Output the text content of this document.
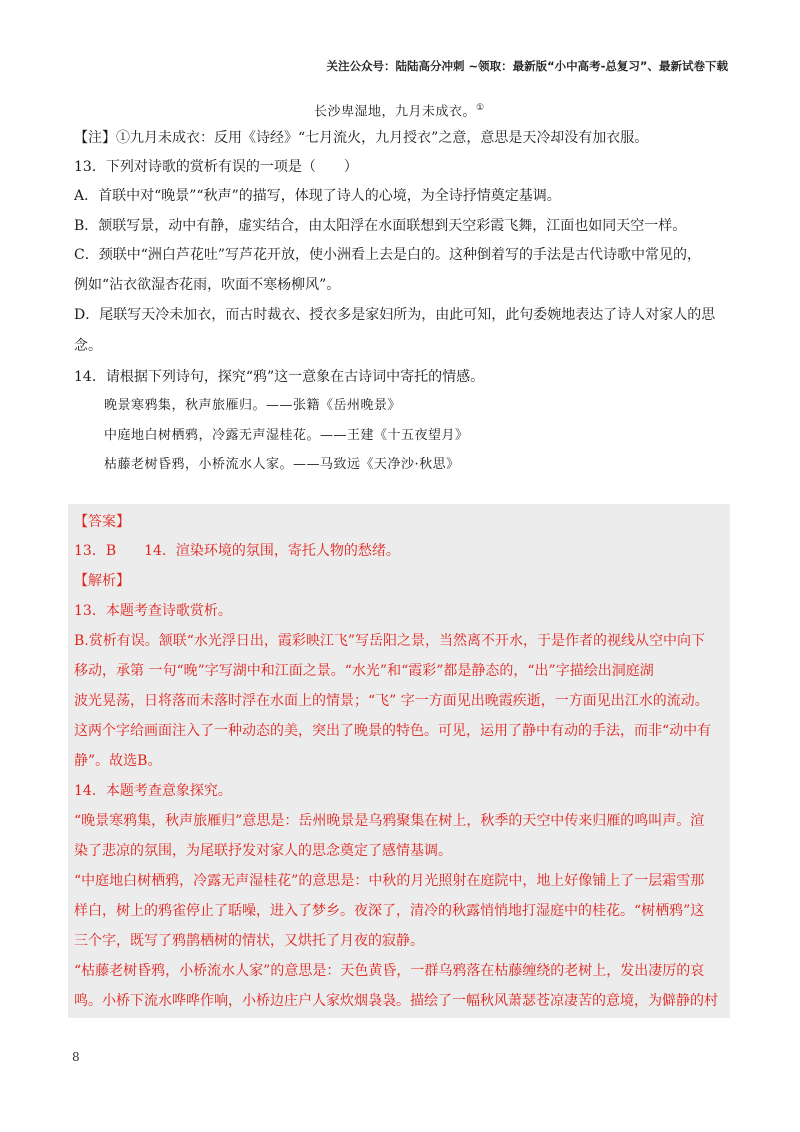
关注公众号：陆陆高分冲刺 ~领取：最新版“小中高考-总复习”、最新试卷下载
长沙卑湿地，九月未成衣。①
【注】①九月未成衣：反用《诗经》“七月流火，九月授衣”之意，意思是天冷却没有加衣服。
13．下列对诗歌的赏析有误的一项是（　　）
A．首联中对“晚景”“秋声”的描写，体现了诗人的心境，为全诗抒情奠定基调。
B．颔联写景，动中有静，虚实结合，由太阳浮在水面联想到天空彩霞飞舞，江面也如同天空一样。
C．颈联中“洲白芦花吐”写芦花开放，使小洲看上去是白的。这种倒着写的手法是古代诗歌中常见的，
例如“沾衣欲湿杏花雨，吹面不寒杨柳风”。
D．尾联写天冷未加衣，而古时裁衣、授衣多是家妇所为，由此可知，此句委婉地表达了诗人对家人的思
念。
14．请根据下列诗句，探究“鸦”这一意象在古诗词中寄托的情感。
晚景寒鸦集，秋声旅雁归。——张籍《岳州晚景》
中庭地白树栖鸦，冷露无声湿桂花。——王建《十五夜望月》
枯藤老树昏鸦，小桥流水人家。——马致远《天净沙·秋思》
【答案】
13．B　　14．渲染环境的氛围，寄托人物的愁绪。
【解析】
13．本题考查诗歌赏析。
B.赏析有误。颔联“水光浮日出，霞彩映江飞”写岳阳之景，当然离不开水，于是作者的视线从空中向下
移动，承第 一句“晚”字写湖中和江面之景。“水光”和“霞彩”都是静态的，“出”字描绘出洞庭湖
波光晃荡，日将落而未落时浮在水面上的情景；“飞” 字一方面见出晚霞疾逝，一方面见出江水的流动。
这两个字给画面注入了一种动态的美，突出了晚景的特色。可见，运用了静中有动的手法，而非“动中有
静”。故选B。
14．本题考查意象探究。
“晚景寒鸦集，秋声旅雁归”意思是：岳州晚景是乌鸦聚集在树上，秋季的天空中传来归雁的鸣叫声。渲
染了悲凉的氛围，为尾联抒发对家人的思念奠定了感情基调。
“中庭地白树栖鸦，冷露无声湿桂花”的意思是：中秋的月光照射在庭院中，地上好像铺上了一层霜雪那
样白，树上的鸦雀停止了聒噪，进入了梦乡。夜深了，清冷的秋露悄悄地打湿庭中的桂花。“树栖鸦”这
三个字，既写了鸦鹊栖树的情状，又烘托了月夜的寂静。
“枯藤老树昏鸦，小桥流水人家”的意思是：天色黄昏，一群乌鸦落在枯藤缠绕的老树上，发出凄厉的哀
鸣。小桥下流水哗哗作响，小桥边庄户人家炊烟袅袅。描绘了一幅秋风萧瑟苍凉凄苦的意境，为僻静的村
8
